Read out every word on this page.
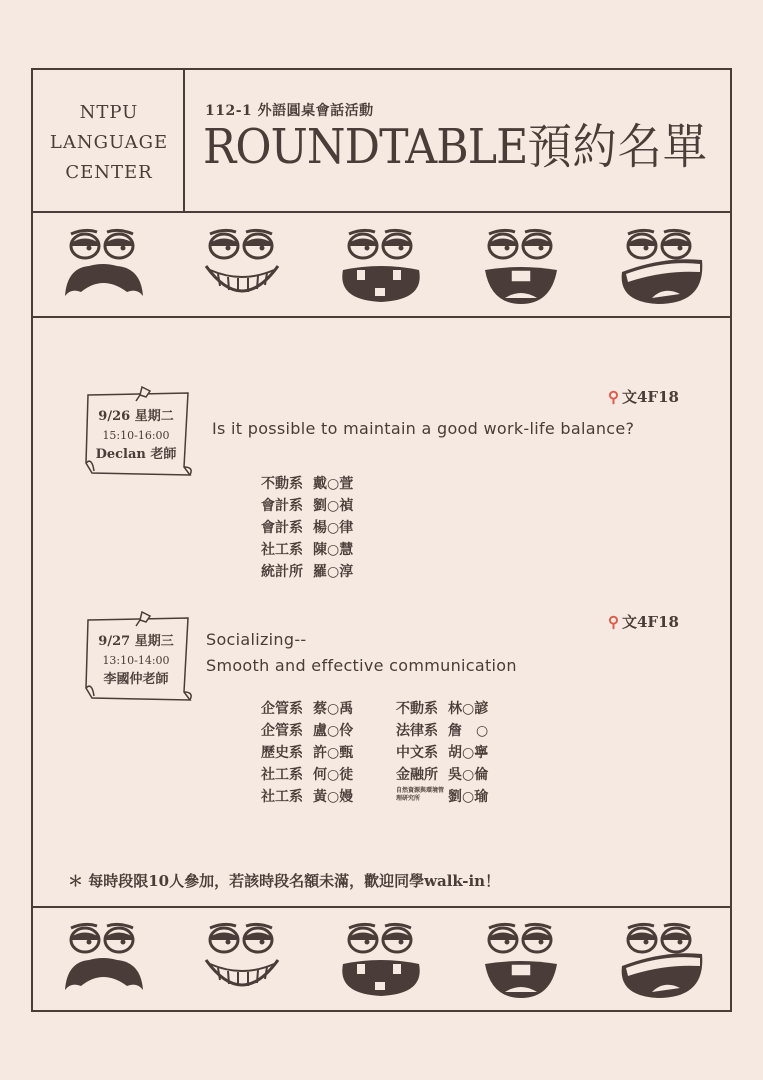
NTPU
LANGUAGE
CENTER
112-1 外語圓桌會話活動
ROUNDTABLE預約名單
9/26 星期二
15:10-16:00
Declan 老師
⚲ 文4F18
Is it possible to maintain a good work-life balance?
不動系 戴○萱
會計系 劉○禎
會計系 楊○律
社工系 陳○慧
統計所 羅○淳
9/27 星期三
13:10-14:00
李國仲老師
⚲ 文4F18
Socializing--
Smooth and effective communication
企管系 蔡○禹
企管系 盧○伶
歷史系 許○甄
社工系 何○徒
社工系 黃○嫚
不動系 林○諺
法律系 詹　○
中文系 胡○寧
金融所 吳○倫
自然資源與環境管理研究所	劉○瑜
＊ 每時段限10人參加，若該時段名額未滿，歡迎同學walk-in！
